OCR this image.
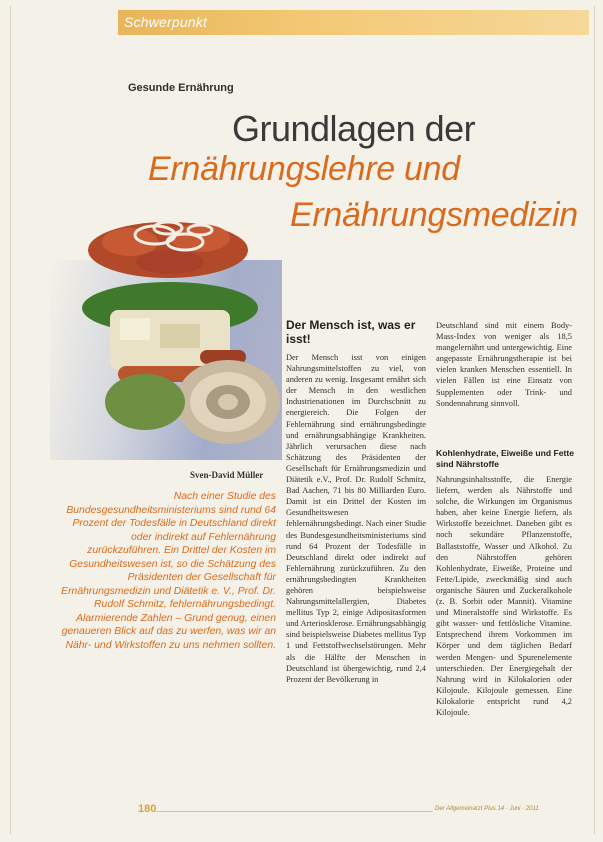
Schwerpunkt
Gesunde Ernährung
Grundlagen der
Ernährungslehre und
Ernährungsmedizin
Sven-David Müller

Nach einer Studie des Bundesgesundheitsministeriums sind rund 64 Prozent der Todesfälle in Deutschland direkt oder indirekt auf Fehlernährung zurückzuführen. Ein Drittel der Kosten im Gesundheitswesen ist, so die Schätzung des Präsidenten der Gesellschaft für Ernährungsmedizin und Diätetik e. V., Prof. Dr. Rudolf Schmitz, fehlernährungsbedingt. Alarmierende Zahlen – Grund genug, einen genaueren Blick auf das zu werfen, was wir an Nähr- und Wirkstoffen zu uns nehmen sollten.

Der Mensch ist, was er isst!

Der Mensch isst von einigen Nahrungsmittelstoffen zu viel, von anderen zu wenig. Insgesamt ernährt sich der Mensch in den westlichen Industrienationen im Durchschnitt zu energiereich. Die Folgen der Fehlernährung sind ernährungsbedingte und ernährungsabhängige Krankheiten. Jährlich verursachen diese nach Schätzung des Präsidenten der Gesellschaft für Ernährungsmedizin und Diätetik e.V., Prof. Dr. Rudolf Schmitz, Bad Aachen, 71 bis 80 Milliarden Euro. Damit ist ein Drittel der Kosten im Gesundheitswesen fehlernährungsbedingt. Nach einer Studie des Bundesgesundheitsministeriums sind rund 64 Prozent der Todesfälle in Deutschland direkt oder indirekt auf Fehlernährung zurückzuführen. Zu den ernährungsbedingten Krankheiten gehören beispielsweise Nahrungsmittelallergien, Diabetes mellitus Typ 2, einige Adipositasformen und Arteriosklerose. Ernährungsabhängig sind beispielsweise Diabetes mellitus Typ 1 und Fettstoffwechselstörungen. Mehr als die Hälfte der Menschen in Deutschland ist übergewichtig, rund 2,4 Prozent der Bevölkerung in

Deutschland sind mit einem Body-Mass-Index von weniger als 18,5 mangelernährt und untergewichtig. Eine angepasste Ernährungstherapie ist bei vielen kranken Menschen essentiell. In vielen Fällen ist eine Einsatz von Supplementen oder Trink- und Sondennahrung sinnvoll.

Kohlenhydrate, Eiweiße und Fette sind Nährstoffe

Nahrungsinhaltsstoffe, die Energie liefern, werden als Nährstoffe und solche, die Wirkungen im Organismus haben, aber keine Energie liefern, als Wirkstoffe bezeichnet. Daneben gibt es noch sekundäre Pflanzenstoffe, Ballaststoffe, Wasser und Alkohol. Zu den Nährstoffen gehören Kohlenhydrate, Eiweiße, Proteine und Fette/Lipide, zweckmäßig sind auch organische Säuren und Zuckeralkohole (z. B. Sorbit oder Mannit). Vitamine und Mineralstoffe sind Wirkstoffe. Es gibt wasser- und fettlösliche Vitamine. Entsprechend ihrem Vorkommen im Körper und dem täglichen Bedarf werden Mengen- und Spurenelemente unterschieden. Der Energiegehalt der Nahrung wird in Kilokalorien oder Kilojoule. Kilojoule gemessen. Eine Kilokalorie entspricht rund 4,2 Kilojoule.

180	Der Allgemeinarzt Plus 14 · Juni · 2011
